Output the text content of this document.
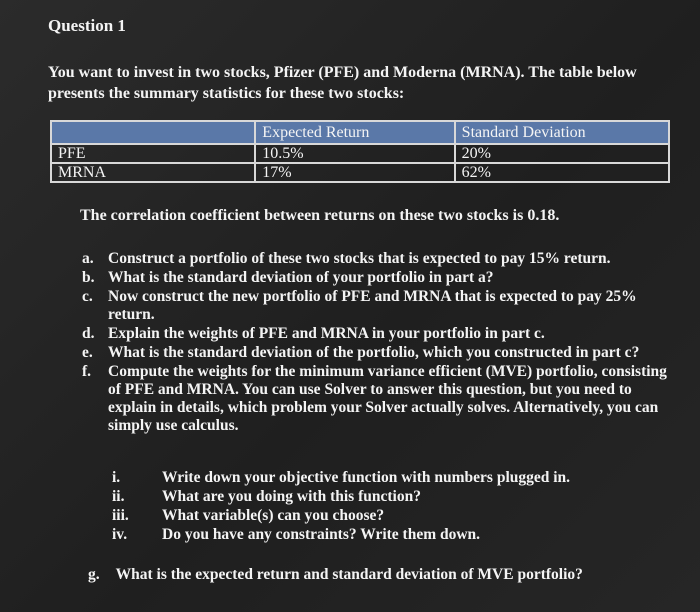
Question 1
You want to invest in two stocks, Pfizer (PFE) and Moderna (MRNA). The table below presents the summary statistics for these two stocks:
	Expected Return	Standard Deviation
PFE	10.5%	20%
MRNA	17%	62%
The correlation coefficient between returns on these two stocks is 0.18.
a. Construct a portfolio of these two stocks that is expected to pay 15% return.
b. What is the standard deviation of your portfolio in part a?
c. Now construct the new portfolio of PFE and MRNA that is expected to pay 25% return.
d. Explain the weights of PFE and MRNA in your portfolio in part c.
e. What is the standard deviation of the portfolio, which you constructed in part c?
f.	Compute the weights for the minimum variance efficient (MVE) portfolio, consisting of PFE and MRNA. You can use Solver to answer this question, but you need to explain in details, which problem your Solver actually solves. Alternatively, you can simply use calculus.
i.	Write down your objective function with numbers plugged in.
ii.	What are you doing with this function?
iii.	What variable(s) can you choose?
iv.	Do you have any constraints? Write them down.
g. What is the expected return and standard deviation of MVE portfolio?
